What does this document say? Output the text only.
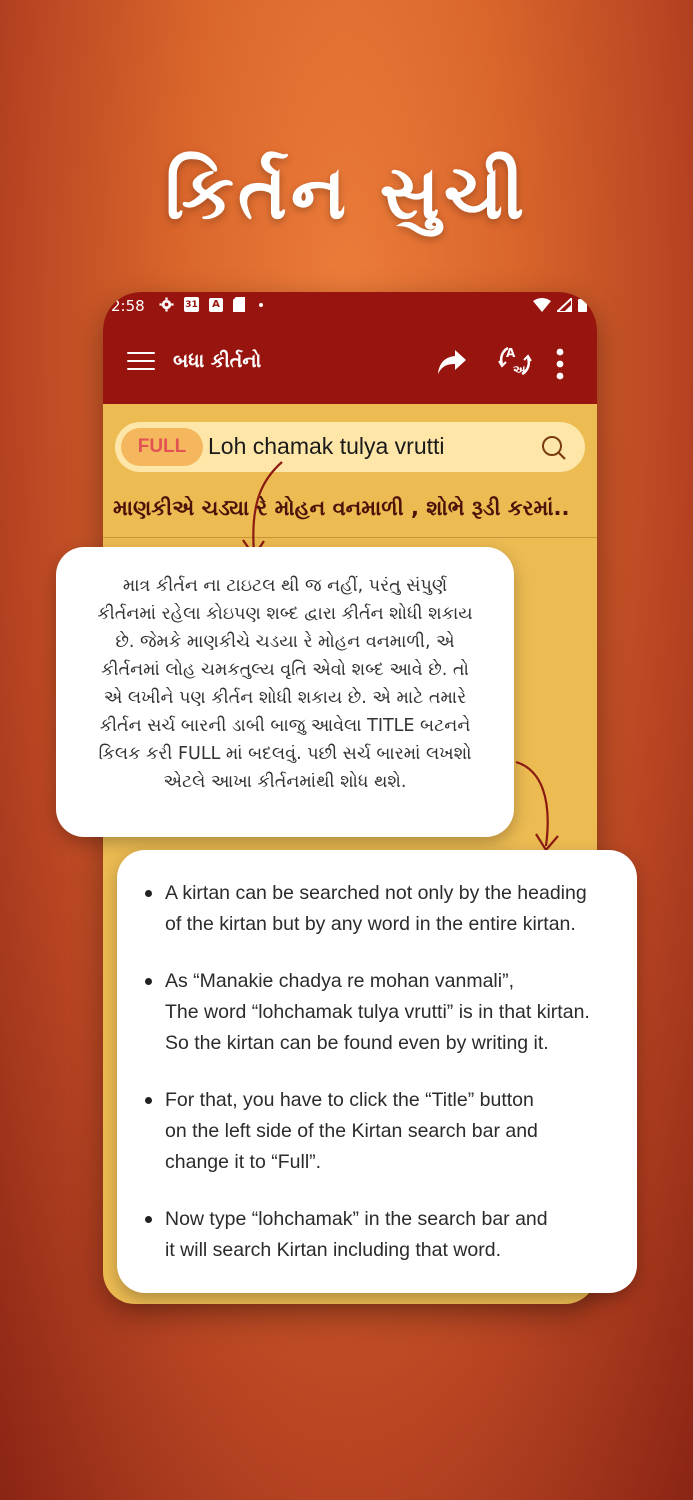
કિર્તન સુચી
2:58	31	A
બધા કીર્તનો	A
અ
FULL Loh chamak tulya vrutti
માણકીએ ચડ્યા રે મોહન વનમાળી , શોભે રૂડી કરમાં..
માત્ર કીર્તન ના ટાઇટલ થી જ નહીં, પરંતુ સંપુર્ણ
કીર્તનમાં રહેલા કોઇપણ શબ્દ દ્વારા કીર્તન શોધી શકાય
છે. જેમકે માણકીચે ચડયા રે મોહન વનમાળી, એ
કીર્તનમાં લોહ ચમકતુલ્ય વૃતિ એવો શબ્દ આવે છે. તો
એ લખીને પણ કીર્તન શોધી શકાય છે. એ માટે તમારે
કીર્તન સર્ચ બારની ડાબી બાજુ આવેલા TITLE બટનને
કિલક કરી FULL માં બદલવું. પછી સર્ચ બારમાં લખશો
એટલે આખા કીર્તનમાંથી શોધ થશે.
A kirtan can be searched not only by the heading
of the kirtan but by any word in the entire kirtan.
As “Manakie chadya re mohan vanmali”,
The word “lohchamak tulya vrutti” is in that kirtan.
So the kirtan can be found even by writing it.
For that, you have to click the “Title” button
on the left side of the Kirtan search bar and
change it to “Full”.
Now type “lohchamak” in the search bar and
it will search Kirtan including that word.
